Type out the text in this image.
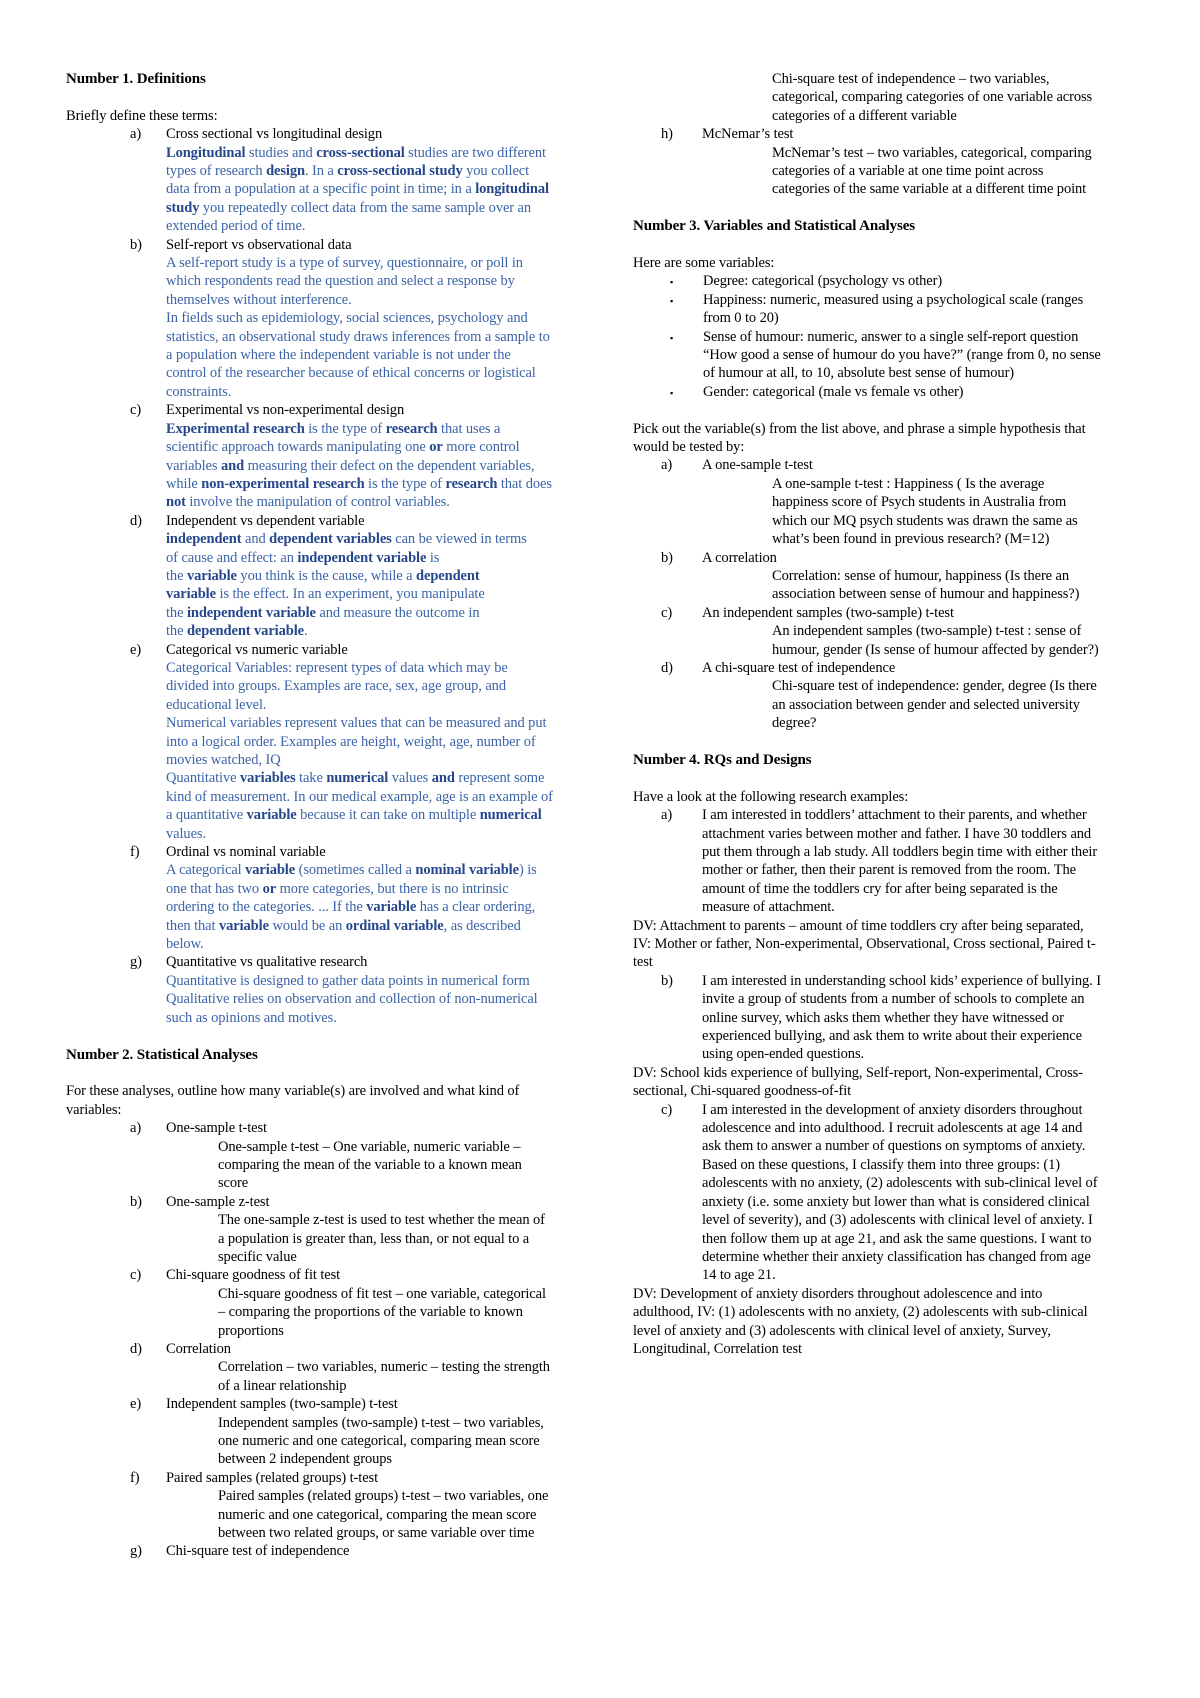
Number 1. Definitions

Briefly define these terms:

a) Cross sectional vs longitudinal design

Longitudinal studies and cross-sectional studies are two different types of research design. In a cross-sectional study you collect data from a population at a specific point in time; in a longitudinal study you repeatedly collect data from the same sample over an extended period of time.

b) Self-report vs observational data

A self-report study is a type of survey, questionnaire, or poll in which respondents read the question and select a response by themselves without interference.

In fields such as epidemiology, social sciences, psychology and statistics, an observational study draws inferences from a sample to a population where the independent variable is not under the control of the researcher because of ethical concerns or logistical constraints.

c) Experimental vs non-experimental design

Experimental research is the type of research that uses a scientific approach towards manipulating one or more control variables and measuring their defect on the dependent variables, while non-experimental research is the type of research that does not involve the manipulation of control variables.

d) Independent vs dependent variable

independent and dependent variables can be viewed in terms
of cause and effect: an independent variable is
the variable you think is the cause, while a dependent
variable is the effect. In an experiment, you manipulate
the independent variable and measure the outcome in
the dependent variable.

e) Categorical vs numeric variable

Categorical Variables: represent types of data which may be divided into groups. Examples are race, sex, age group, and educational level.

Numerical variables represent values that can be measured and put into a logical order. Examples are height, weight, age, number of movies watched, IQ

Quantitative variables take numerical values and represent some kind of measurement. In our medical example, age is an example of a quantitative variable because it can take on multiple numerical values.

f) Ordinal vs nominal variable

A categorical variable (sometimes called a nominal variable) is one that has two or more categories, but there is no intrinsic ordering to the categories. ... If the variable has a clear ordering, then that variable would be an ordinal variable, as described below.

g) Quantitative vs qualitative research

Quantitative is designed to gather data points in numerical form

Qualitative relies on observation and collection of non-numerical such as opinions and motives.

Number 2. Statistical Analyses

For these analyses, outline how many variable(s) are involved and what kind of variables:

a) One-sample t-test

One-sample t-test – One variable, numeric variable – comparing the mean of the variable to a known mean score

b) One-sample z-test

The one-sample z-test is used to test whether the mean of a population is greater than, less than, or not equal to a specific value

c) Chi-square goodness of fit test

Chi-square goodness of fit test – one variable, categorical – comparing the proportions of the variable to known proportions

d) Correlation

Correlation – two variables, numeric – testing the strength of a linear relationship

e) Independent samples (two-sample) t-test

Independent samples (two-sample) t-test – two variables, one numeric and one categorical, comparing mean score between 2 independent groups

f) Paired samples (related groups) t-test

Paired samples (related groups) t-test – two variables, one numeric and one categorical, comparing the mean score between two related groups, or same variable over time

g) Chi-square test of independence

Chi-square test of independence – two variables, categorical, comparing categories of one variable across categories of a different variable

h) McNemar’s test

McNemar’s test – two variables, categorical, comparing categories of a variable at one time point across categories of the same variable at a different time point

Number 3. Variables and Statistical Analyses

Here are some variables:

▪ Degree: categorical (psychology vs other)

▪ Happiness: numeric, measured using a psychological scale (ranges from 0 to 20)

▪ Sense of humour: numeric, answer to a single self-report question “How good a sense of humour do you have?” (range from 0, no sense of humour at all, to 10, absolute best sense of humour)

▪ Gender: categorical (male vs female vs other)

Pick out the variable(s) from the list above, and phrase a simple hypothesis that would be tested by:

a) A one-sample t-test

A one-sample t-test : Happiness ( Is the average happiness score of Psych students in Australia from which our MQ psych students was drawn the same as what’s been found in previous research? (M=12)

b) A correlation

Correlation: sense of humour, happiness (Is there an association between sense of humour and happiness?)

c) An independent samples (two-sample) t-test

An independent samples (two-sample) t-test : sense of humour, gender (Is sense of humour affected by gender?)

d) A chi-square test of independence

Chi-square test of independence: gender, degree (Is there an association between gender and selected university degree?

Number 4. RQs and Designs

Have a look at the following research examples:

a) I am interested in toddlers’ attachment to their parents, and whether attachment varies between mother and father. I have 30 toddlers and put them through a lab study. All toddlers begin time with either their mother or father, then their parent is removed from the room. The amount of time the toddlers cry for after being separated is the measure of attachment.

DV: Attachment to parents – amount of time toddlers cry after being separated, IV: Mother or father, Non-experimental, Observational, Cross sectional, Paired t-test

b) I am interested in understanding school kids’ experience of bullying. I invite a group of students from a number of schools to complete an online survey, which asks them whether they have witnessed or experienced bullying, and ask them to write about their experience using open-ended questions.

DV: School kids experience of bullying, Self-report, Non-experimental, Cross-sectional, Chi-squared goodness-of-fit

c) I am interested in the development of anxiety disorders throughout adolescence and into adulthood. I recruit adolescents at age 14 and ask them to answer a number of questions on symptoms of anxiety. Based on these questions, I classify them into three groups: (1) adolescents with no anxiety, (2) adolescents with sub-clinical level of anxiety (i.e. some anxiety but lower than what is considered clinical level of severity), and (3) adolescents with clinical level of anxiety. I then follow them up at age 21, and ask the same questions. I want to determine whether their anxiety classification has changed from age 14 to age 21.

DV: Development of anxiety disorders throughout adolescence and into adulthood, IV: (1) adolescents with no anxiety, (2) adolescents with sub-clinical level of anxiety and (3) adolescents with clinical level of anxiety, Survey, Longitudinal, Correlation test
